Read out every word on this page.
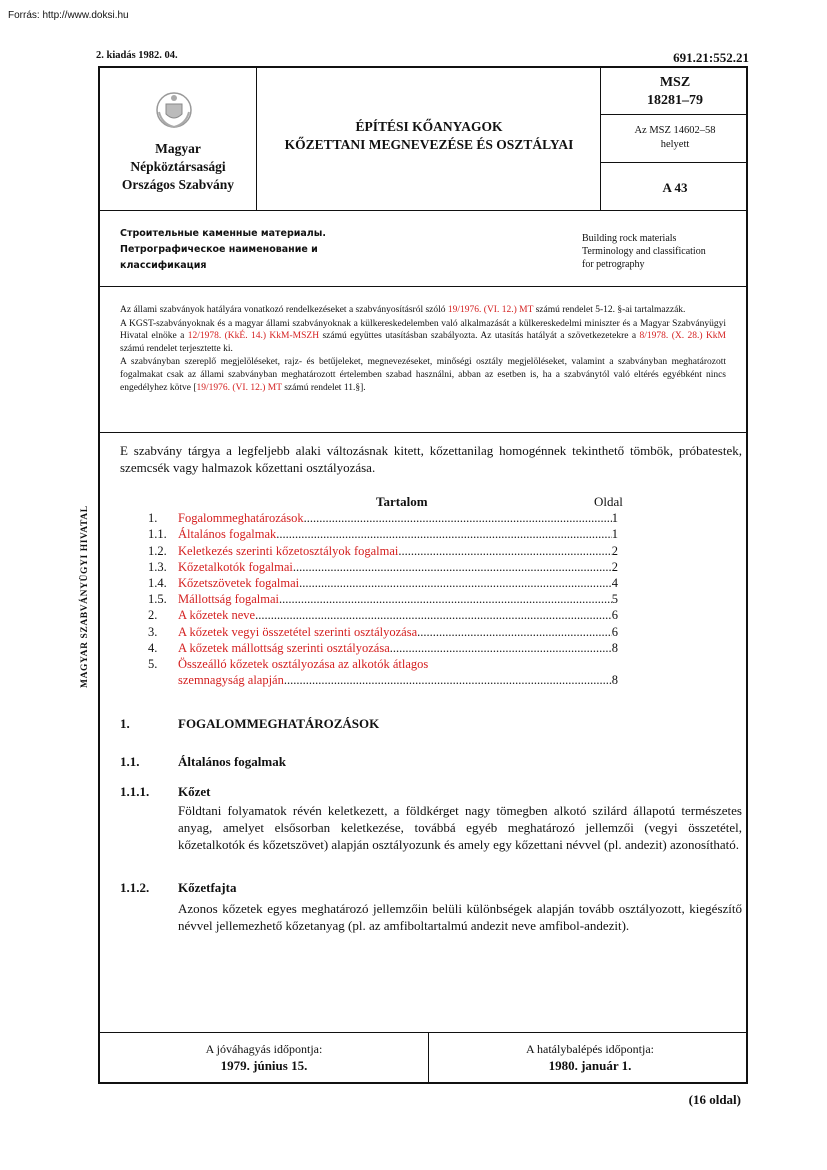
Forrás: http://www.doksi.hu
2. kiadás 1982. 04.	691.21:552.21
MAGYAR SZABVÁNYÜGYI HIVATAL
Magyar
Népköztársasági
Országos Szabvány
ÉPÍTÉSI KŐANYAGOK
KŐZETTANI MEGNEVEZÉSE ÉS OSZTÁLYAI
MSZ
18281–79
Az MSZ 14602–58
helyett
A 43
Строительные каменные материалы.
Петрографическое наименование и
классификация
Building rock materials
Terminology and classification
for petrography

Az állami szabványok hatályára vonatkozó rendelkezéseket a szabványosításról szóló 19/1976. (VI. 12.) MT számú rendelet 5-12. §-ai tartalmazzák.

A KGST-szabványoknak és a magyar állami szabványoknak a külkereskedelemben való alkalmazását a külkereskedelmi miniszter és a Magyar Szabványügyi Hivatal elnöke a 12/1978. (KkÉ. 14.) KkM-MSZH számú együttes utasításban szabályozta. Az utasítás hatályát a szövetkezetekre a 8/1978. (X. 28.) KkM számú rendelet terjesztette ki.

A szabványban szereplő megjelöléseket, rajz- és betűjeleket, megnevezéseket, minőségi osztály megjelöléseket, valamint a szabványban meghatározott fogalmakat csak az állami szabványban meghatározott értelemben szabad használni, abban az esetben is, ha a szabványtól való eltérés egyébként nincs engedélyhez kötve [19/1976. (VI. 12.) MT számú rendelet 11.§].

E szabvány tárgya a legfeljebb alaki változásnak kitett, kőzettanilag homogénnek tekinthető tömbök, próbatestek, szemcsék vagy halmazok kőzettani osztályozása.
Tartalom	Oldal
1.	Fogalommeghatározások .....	1
1.1. Általános fogalmak .....	1
1.2. Keletkezés szerinti kőzetosztályok fogalmai .....	2
1.3. Kőzetalkotók fogalmai .....	2
1.4. Kőzetszövetek fogalmai .....	4
1.5. Mállottság fogalmai .....	5
2.	A kőzetek neve .....	6
3.	A kőzetek vegyi összetétel szerinti osztályozása .....	6
4.	A kőzetek mállottság szerinti osztályozása .....	8
5.	Összeálló kőzetek osztályozása az alkotók átlagos
szemnagyság alapján .....	8
1.	FOGALOMMEGHATÁROZÁSOK
1.1.	Általános fogalmak
1.1.1. Kőzet
Földtani folyamatok révén keletkezett, a földkérget nagy tömegben alkotó szilárd állapotú természetes anyag, amelyet elsősorban keletkezése, továbbá egyéb meghatározó jellemzői (vegyi összetétel, kőzetalkotók és kőzetszövet) alapján osztályozunk és amely egy kőzettani névvel (pl. andezit) azonosítható.
1.1.2. Kőzetfajta
Azonos kőzetek egyes meghatározó jellemzőin belüli különbségek alapján tovább osztályozott, kiegészítő névvel jellemezhető kőzetanyag (pl. az amfiboltartalmú andezit neve amfibol-andezit).
A jóváhagyás időpontja:
1979. június 15.
A hatálybalépés időpontja:
1980. január 1.
(16 oldal)
